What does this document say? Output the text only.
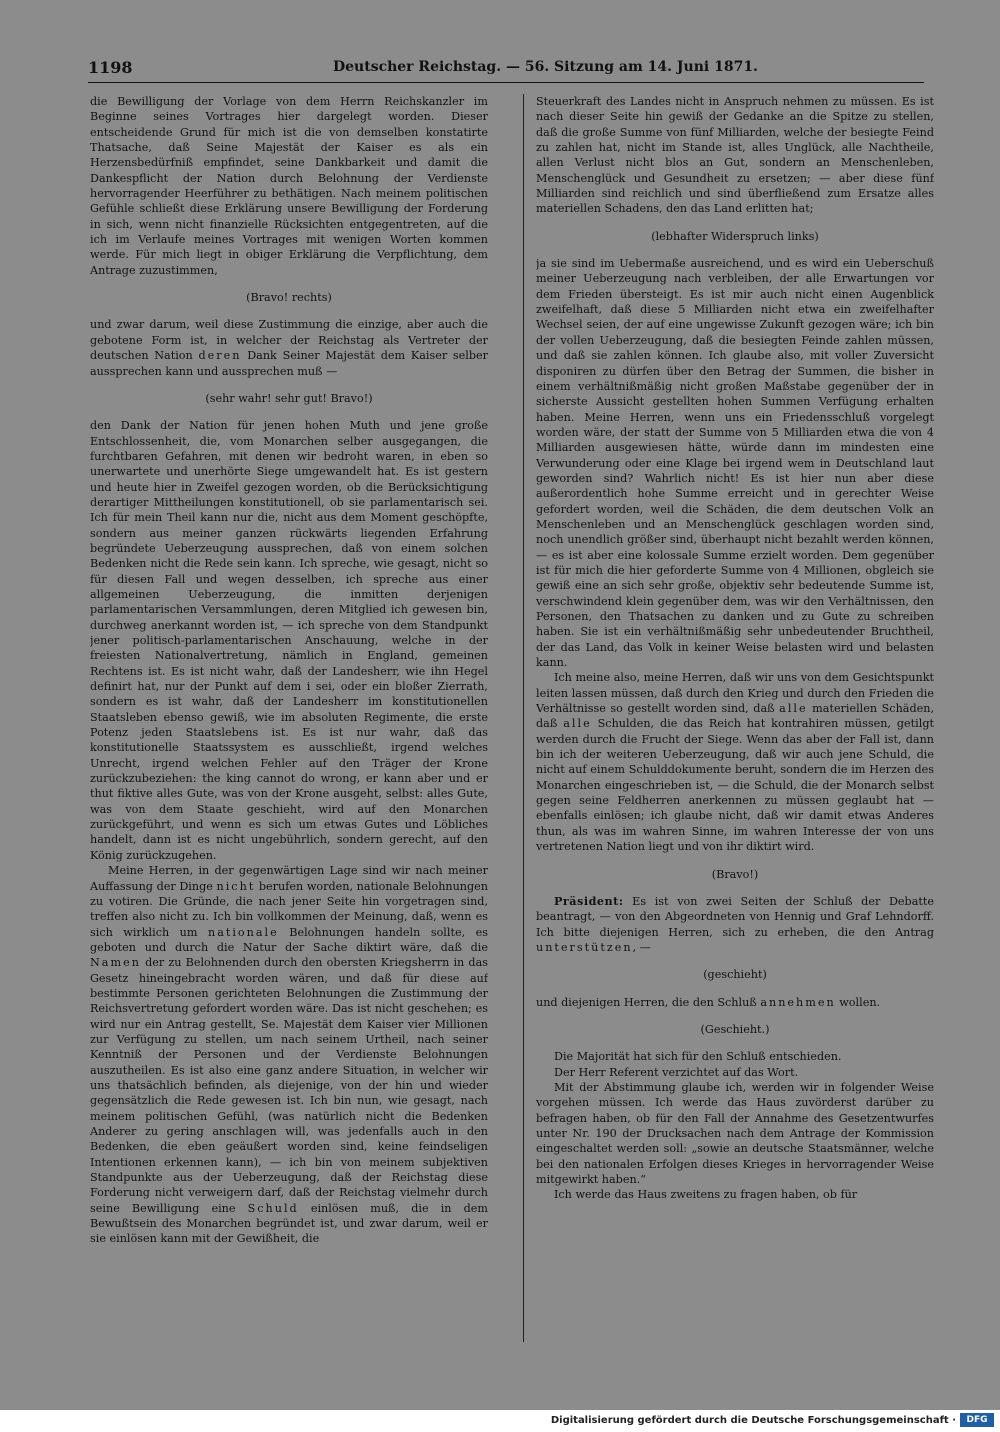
1198	Deutscher Reichstag. — 56. Sitzung am 14. Juni 1871.

die Bewilligung der Vorlage von dem Herrn Reichskanzler im Beginne seines Vortrages hier dargelegt worden. Dieser entscheidende Grund für mich ist die von demselben konstatirte Thatsache, daß Seine Majestät der Kaiser es als ein Herzensbedürfniß empfindet, seine Dankbarkeit und damit die Dankespflicht der Nation durch Belohnung der Verdienste hervorragender Heerführer zu bethätigen. Nach meinem politischen Gefühle schließt diese Erklärung unsere Bewilligung der Forderung in sich, wenn nicht finanzielle Rücksichten entgegentreten, auf die ich im Verlaufe meines Vortrages mit wenigen Worten kommen werde. Für mich liegt in obiger Erklärung die Verpflichtung, dem Antrage zuzustimmen,

(Bravo! rechts)

und zwar darum, weil diese Zustimmung die einzige, aber auch die gebotene Form ist, in welcher der Reichstag als Vertreter der deutschen Nation deren Dank Seiner Majestät dem Kaiser selber aussprechen kann und aussprechen muß —

(sehr wahr! sehr gut! Bravo!)

den Dank der Nation für jenen hohen Muth und jene große Entschlossenheit, die, vom Monarchen selber ausgegangen, die furchtbaren Gefahren, mit denen wir bedroht waren, in eben so unerwartete und unerhörte Siege umgewandelt hat. Es ist gestern und heute hier in Zweifel gezogen worden, ob die Berücksichtigung derartiger Mittheilungen konstitutionell, ob sie parlamentarisch sei. Ich für mein Theil kann nur die, nicht aus dem Moment geschöpfte, sondern aus meiner ganzen rückwärts liegenden Erfahrung begründete Ueberzeugung aussprechen, daß von einem solchen Bedenken nicht die Rede sein kann. Ich spreche, wie gesagt, nicht so für diesen Fall und wegen desselben, ich spreche aus einer allgemeinen Ueberzeugung, die inmitten derjenigen parlamentarischen Versammlungen, deren Mitglied ich gewesen bin, durchweg anerkannt worden ist, — ich spreche von dem Standpunkt jener politisch-parlamentarischen Anschauung, welche in der freiesten Nationalvertretung, nämlich in England, gemeinen Rechtens ist. Es ist nicht wahr, daß der Landesherr, wie ihn Hegel definirt hat, nur der Punkt auf dem i sei, oder ein bloßer Zierrath, sondern es ist wahr, daß der Landesherr im konstitutionellen Staatsleben ebenso gewiß, wie im absoluten Regimente, die erste Potenz jeden Staatslebens ist. Es ist nur wahr, daß das konstitutionelle Staatssystem es ausschließt, irgend welches Unrecht, irgend welchen Fehler auf den Träger der Krone zurückzubeziehen: the king cannot do wrong, er kann aber und er thut fiktive alles Gute, was von der Krone ausgeht, selbst: alles Gute, was von dem Staate geschieht, wird auf den Monarchen zurückgeführt, und wenn es sich um etwas Gutes und Löbliches handelt, dann ist es nicht ungebührlich, sondern gerecht, auf den König zurückzugehen.

Meine Herren, in der gegenwärtigen Lage sind wir nach meiner Auffassung der Dinge nicht berufen worden, nationale Belohnungen zu votiren. Die Gründe, die nach jener Seite hin vorgetragen sind, treffen also nicht zu. Ich bin vollkommen der Meinung, daß, wenn es sich wirklich um nationale Belohnungen handeln sollte, es geboten und durch die Natur der Sache diktirt wäre, daß die Namen der zu Belohnenden durch den obersten Kriegsherrn in das Gesetz hineingebracht worden wären, und daß für diese auf bestimmte Personen gerichteten Belohnungen die Zustimmung der Reichsvertretung gefordert worden wäre. Das ist nicht geschehen; es wird nur ein Antrag gestellt, Se. Majestät dem Kaiser vier Millionen zur Verfügung zu stellen, um nach seinem Urtheil, nach seiner Kenntniß der Personen und der Verdienste Belohnungen auszutheilen. Es ist also eine ganz andere Situation, in welcher wir uns thatsächlich befinden, als diejenige, von der hin und wieder gegensätzlich die Rede gewesen ist. Ich bin nun, wie gesagt, nach meinem politischen Gefühl, (was natürlich nicht die Bedenken Anderer zu gering anschlagen will, was jedenfalls auch in den Bedenken, die eben geäußert worden sind, keine feindseligen Intentionen erkennen kann), — ich bin von meinem subjektiven Standpunkte aus der Ueberzeugung, daß der Reichstag diese Forderung nicht verweigern darf, daß der Reichstag vielmehr durch seine Bewilligung eine Schuld einlösen muß, die in dem Bewußtsein des Monarchen begründet ist, und zwar darum, weil er sie einlösen kann mit der Gewißheit, die

Steuerkraft des Landes nicht in Anspruch nehmen zu müssen. Es ist nach dieser Seite hin gewiß der Gedanke an die Spitze zu stellen, daß die große Summe von fünf Milliarden, welche der besiegte Feind zu zahlen hat, nicht im Stande ist, alles Unglück, alle Nachtheile, allen Verlust nicht blos an Gut, sondern an Menschenleben, Menschenglück und Gesundheit zu ersetzen; — aber diese fünf Milliarden sind reichlich und sind überfließend zum Ersatze alles materiellen Schadens, den das Land erlitten hat;

(lebhafter Widerspruch links)

ja sie sind im Uebermaße ausreichend, und es wird ein Ueberschuß meiner Ueberzeugung nach verbleiben, der alle Erwartungen vor dem Frieden übersteigt. Es ist mir auch nicht einen Augenblick zweifelhaft, daß diese 5 Milliarden nicht etwa ein zweifelhafter Wechsel seien, der auf eine ungewisse Zukunft gezogen wäre; ich bin der vollen Ueberzeugung, daß die besiegten Feinde zahlen müssen, und daß sie zahlen können. Ich glaube also, mit voller Zuversicht disponiren zu dürfen über den Betrag der Summen, die bisher in einem verhältnißmäßig nicht großen Maßstabe gegenüber der in sicherste Aussicht gestellten hohen Summen Verfügung erhalten haben. Meine Herren, wenn uns ein Friedensschluß vorgelegt worden wäre, der statt der Summe von 5 Milliarden etwa die von 4 Milliarden ausgewiesen hätte, würde dann im mindesten eine Verwunderung oder eine Klage bei irgend wem in Deutschland laut geworden sind? Wahrlich nicht! Es ist hier nun aber diese außerordentlich hohe Summe erreicht und in gerechter Weise gefordert worden, weil die Schäden, die dem deutschen Volk an Menschenleben und an Menschenglück geschlagen worden sind, noch unendlich größer sind, überhaupt nicht bezahlt werden können, — es ist aber eine kolossale Summe erzielt worden. Dem gegenüber ist für mich die hier geforderte Summe von 4 Millionen, obgleich sie gewiß eine an sich sehr große, objektiv sehr bedeutende Summe ist, verschwindend klein gegenüber dem, was wir den Verhältnissen, den Personen, den Thatsachen zu danken und zu Gute zu schreiben haben. Sie ist ein verhältnißmäßig sehr unbedeutender Bruchtheil, der das Land, das Volk in keiner Weise belasten wird und belasten kann.

Ich meine also, meine Herren, daß wir uns von dem Gesichtspunkt leiten lassen müssen, daß durch den Krieg und durch den Frieden die Verhältnisse so gestellt worden sind, daß alle materiellen Schäden, daß alle Schulden, die das Reich hat kontrahiren müssen, getilgt werden durch die Frucht der Siege. Wenn das aber der Fall ist, dann bin ich der weiteren Ueberzeugung, daß wir auch jene Schuld, die nicht auf einem Schulddokumente beruht, sondern die im Herzen des Monarchen eingeschrieben ist, — die Schuld, die der Monarch selbst gegen seine Feldherren anerkennen zu müssen geglaubt hat — ebenfalls einlösen; ich glaube nicht, daß wir damit etwas Anderes thun, als was im wahren Sinne, im wahren Interesse der von uns vertretenen Nation liegt und von ihr diktirt wird.

(Bravo!)

Präsident: Es ist von zwei Seiten der Schluß der Debatte beantragt, — von den Abgeordneten von Hennig und Graf Lehndorff. Ich bitte diejenigen Herren, sich zu erheben, die den Antrag unterstützen, —

(geschieht)

und diejenigen Herren, die den Schluß annehmen wollen.

(Geschieht.)

Die Majorität hat sich für den Schluß entschieden.

Der Herr Referent verzichtet auf das Wort.

Mit der Abstimmung glaube ich, werden wir in folgender Weise vorgehen müssen. Ich werde das Haus zuvörderst darüber zu befragen haben, ob für den Fall der Annahme des Gesetzentwurfes unter Nr. 190 der Drucksachen nach dem Antrage der Kommission eingeschaltet werden soll: „sowie an deutsche Staatsmänner, welche bei den nationalen Erfolgen dieses Krieges in hervorragender Weise mitgewirkt haben.“

Ich werde das Haus zweitens zu fragen haben, ob für

Digitalisierung gefördert durch die Deutsche Forschungsgemeinschaft ·	DFG
